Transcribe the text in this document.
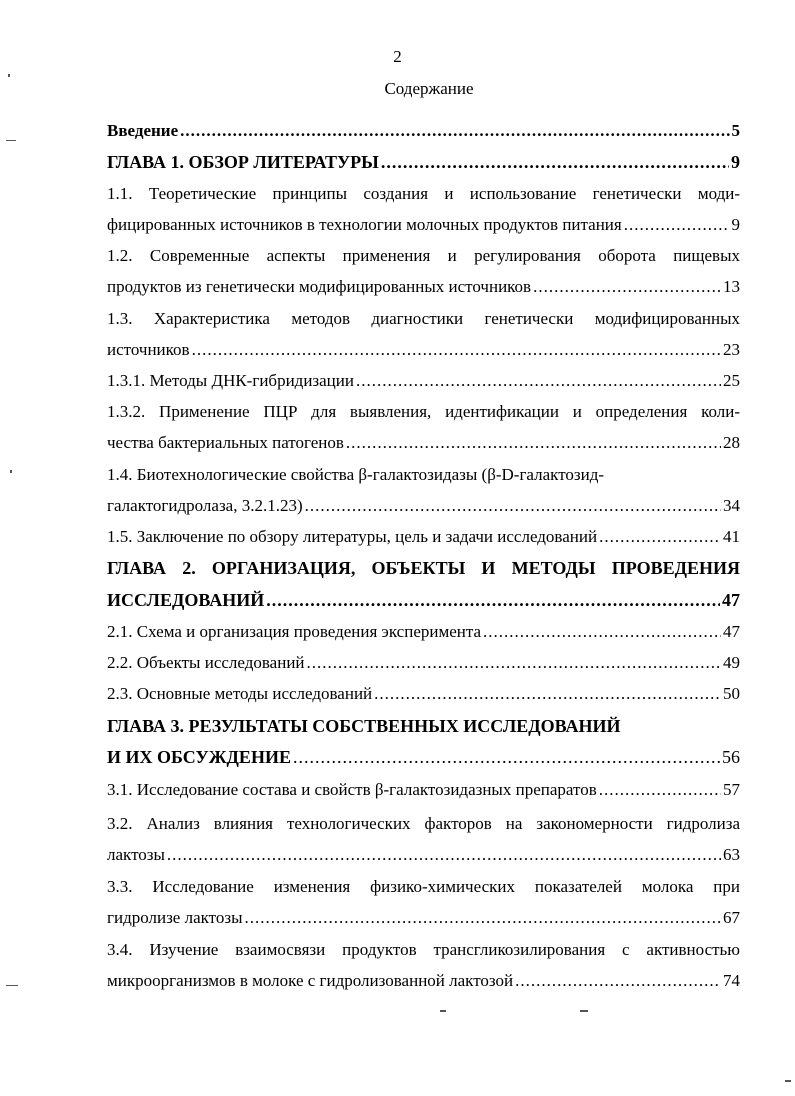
2
Содержание
Введение .....	5
ГЛАВА 1. ОБЗОР ЛИТЕРАТУРЫ .....	9
1.1. Теоретические принципы создания и использование генетически моди-
фицированных источников в технологии молочных продуктов питания .....	9
1.2. Современные аспекты применения и регулирования оборота пищевых
продуктов из генетически модифицированных источников .....	13
1.3. Характеристика методов диагностики генетически модифицированных
источников .....	23
1.3.1. Методы ДНК-гибридизации .....	25
1.3.2. Применение ПЦР для выявления, идентификации и определения коли-
чества бактериальных патогенов .....	28
1.4. Биотехнологические свойства β-галактозидазы (β-D-галактозид-
галактогидролаза, 3.2.1.23) .....	34
1.5. Заключение по обзору литературы, цель и задачи исследований .....	41
ГЛАВА 2. ОРГАНИЗАЦИЯ, ОБЪЕКТЫ И МЕТОДЫ ПРОВЕДЕНИЯ
ИССЛЕДОВАНИЙ .....	47
2.1. Схема и организация проведения эксперимента .....	47
2.2. Объекты исследований .....	49
2.3. Основные методы исследований .....	50
ГЛАВА 3. РЕЗУЛЬТАТЫ СОБСТВЕННЫХ ИССЛЕДОВАНИЙ
И ИХ ОБСУЖДЕНИЕ .....	56
3.1. Исследование состава и свойств β-галактозидазных препаратов .....	57
3.2. Анализ влияния технологических факторов на закономерности гидролиза
лактозы .....	63
3.3. Исследование изменения физико-химических показателей молока при
гидролизе лактозы .....	67
3.4. Изучение взаимосвязи продуктов трансгликозилирования с активностью
микроорганизмов в молоке с гидролизованной лактозой .....	74
